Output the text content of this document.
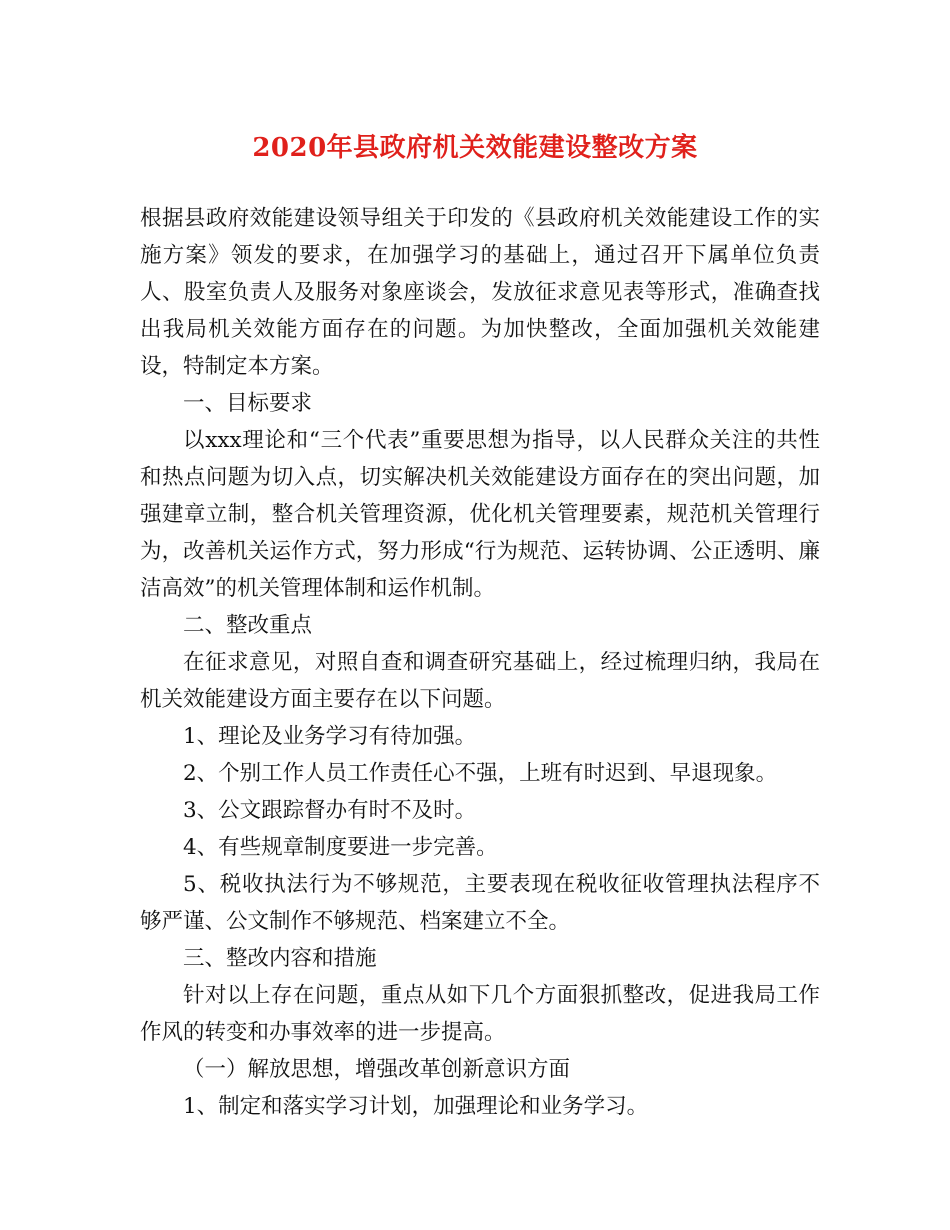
2020年县政府机关效能建设整改方案

根据县政府效能建设领导组关于印发的《县政府机关效能建设工作的实施方案》领发的要求，在加强学习的基础上，通过召开下属单位负责人、股室负责人及服务对象座谈会，发放征求意见表等形式，准确查找出我局机关效能方面存在的问题。为加快整改，全面加强机关效能建设，特制定本方案。

一、目标要求

以xxx理论和“三个代表”重要思想为指导，以人民群众关注的共性和热点问题为切入点，切实解决机关效能建设方面存在的突出问题，加强建章立制，整合机关管理资源，优化机关管理要素，规范机关管理行为，改善机关运作方式，努力形成“行为规范、运转协调、公正透明、廉洁高效”的机关管理体制和运作机制。

二、整改重点

在征求意见，对照自查和调查研究基础上，经过梳理归纳，我局在机关效能建设方面主要存在以下问题。

1、理论及业务学习有待加强。

2、个别工作人员工作责任心不强，上班有时迟到、早退现象。

3、公文跟踪督办有时不及时。

4、有些规章制度要进一步完善。

5、税收执法行为不够规范，主要表现在税收征收管理执法程序不够严谨、公文制作不够规范、档案建立不全。

三、整改内容和措施

针对以上存在问题，重点从如下几个方面狠抓整改，促进我局工作作风的转变和办事效率的进一步提高。

（一）解放思想，增强改革创新意识方面

1、制定和落实学习计划，加强理论和业务学习。
